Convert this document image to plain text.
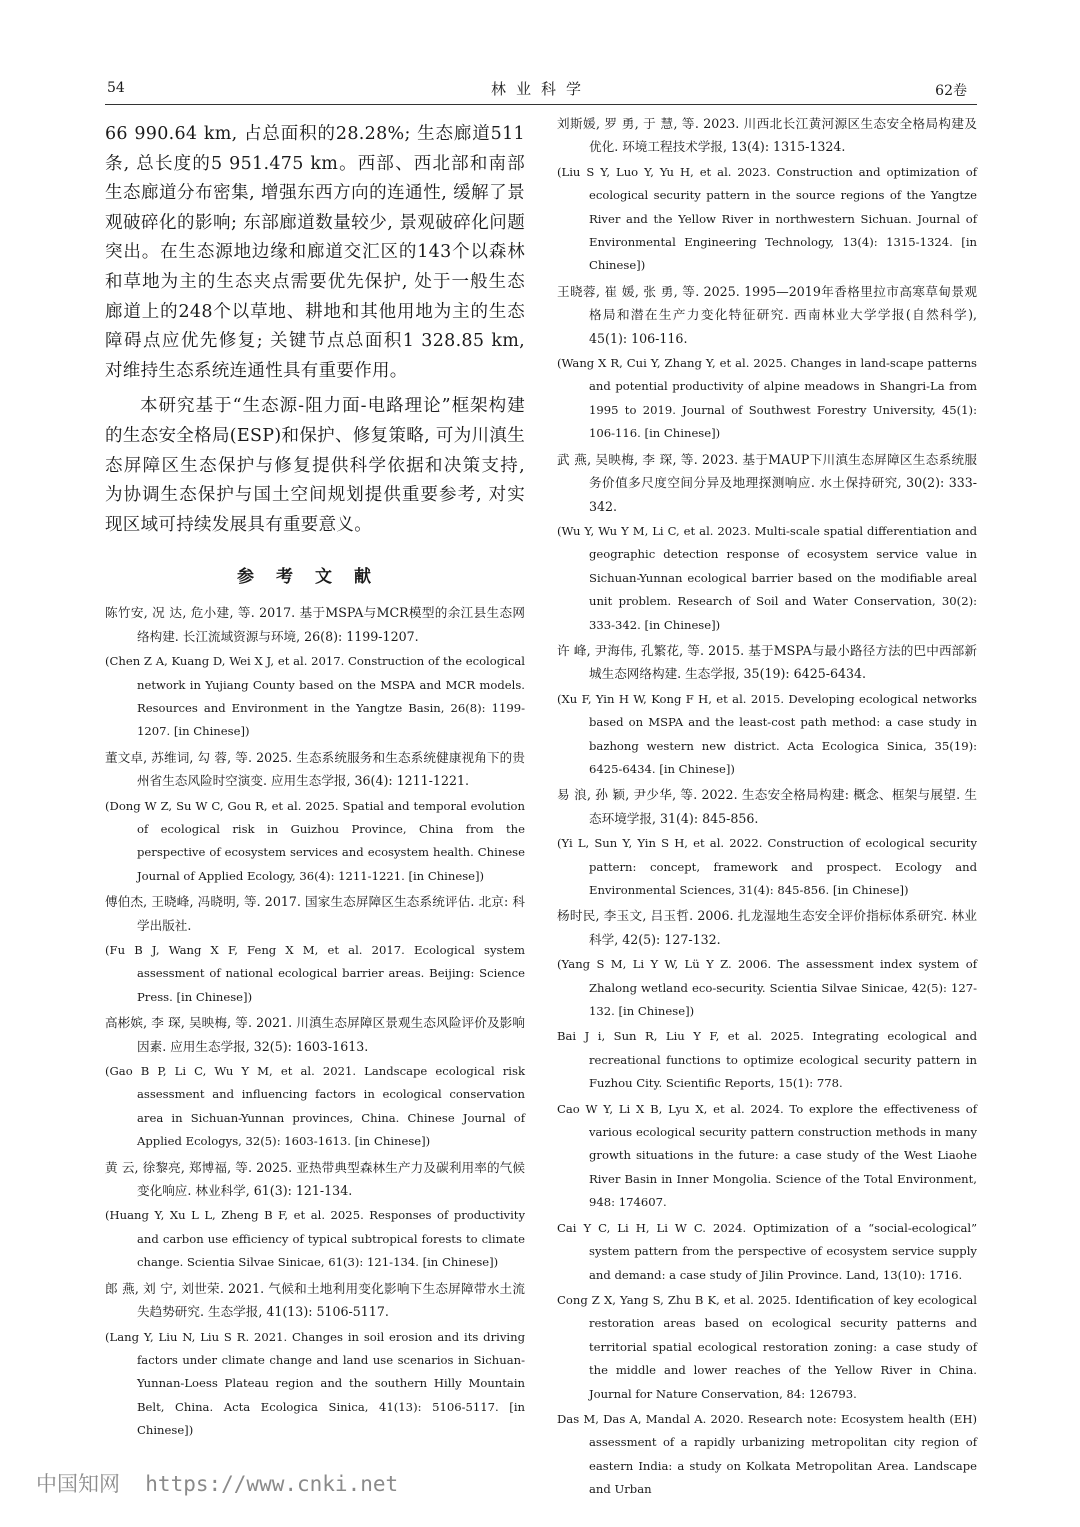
54	林业科学	62卷

66 990.64 km, 占总面积的28.28%; 生态廊道511条, 总长度的5 951.475 km。西部、西北部和南部生态廊道分布密集, 增强东西方向的连通性, 缓解了景观破碎化的影响; 东部廊道数量较少, 景观破碎化问题突出。在生态源地边缘和廊道交汇区的143个以森林和草地为主的生态夹点需要优先保护, 处于一般生态廊道上的248个以草地、耕地和其他用地为主的生态障碍点应优先修复; 关键节点总面积1 328.85 km, 对维持生态系统连通性具有重要作用。

本研究基于“生态源-阻力面-电路理论”框架构建的生态安全格局(ESP)和保护、修复策略, 可为川滇生态屏障区生态保护与修复提供科学依据和决策支持, 为协调生态保护与国土空间规划提供重要参考, 对实现区域可持续发展具有重要意义。

参考文献

陈竹安, 况 达, 危小建, 等. 2017. 基于MSPA与MCR模型的余江县生态网络构建. 长江流域资源与环境, 26(8): 1199-1207.

(Chen Z A, Kuang D, Wei X J, et al. 2017. Construction of the ecological network in Yujiang County based on the MSPA and MCR models. Resources and Environment in the Yangtze Basin, 26(8): 1199-1207. [in Chinese])

董文卓, 苏维词, 勾 蓉, 等. 2025. 生态系统服务和生态系统健康视角下的贵州省生态风险时空演变. 应用生态学报, 36(4): 1211-1221.

(Dong W Z, Su W C, Gou R, et al. 2025. Spatial and temporal evolution of ecological risk in Guizhou Province, China from the perspective of ecosystem services and ecosystem health. Chinese Journal of Applied Ecology, 36(4): 1211-1221. [in Chinese])

傅伯杰, 王晓峰, 冯晓明, 等. 2017. 国家生态屏障区生态系统评估. 北京: 科学出版社.

(Fu B J, Wang X F, Feng X M, et al. 2017. Ecological system assessment of national ecological barrier areas. Beijing: Science Press. [in Chinese])

高彬嫔, 李 琛, 吴映梅, 等. 2021. 川滇生态屏障区景观生态风险评价及影响因素. 应用生态学报, 32(5): 1603-1613.

(Gao B P, Li C, Wu Y M, et al. 2021. Landscape ecological risk assessment and influencing factors in ecological conservation area in Sichuan-Yunnan provinces, China. Chinese Journal of Applied Ecologys, 32(5): 1603-1613. [in Chinese])

黄 云, 徐黎亮, 郑博福, 等. 2025. 亚热带典型森林生产力及碳利用率的气候变化响应. 林业科学, 61(3): 121-134.

(Huang Y, Xu L L, Zheng B F, et al. 2025. Responses of productivity and carbon use efficiency of typical subtropical forests to climate change. Scientia Silvae Sinicae, 61(3): 121-134. [in Chinese])

郎 燕, 刘 宁, 刘世荣. 2021. 气候和土地利用变化影响下生态屏障带水土流失趋势研究. 生态学报, 41(13): 5106-5117.

(Lang Y, Liu N, Liu S R. 2021. Changes in soil erosion and its driving factors under climate change and land use scenarios in Sichuan-Yunnan-Loess Plateau region and the southern Hilly Mountain Belt, China. Acta Ecologica Sinica, 41(13): 5106-5117. [in Chinese])

刘斯媛, 罗 勇, 于 慧, 等. 2023. 川西北长江黄河源区生态安全格局构建及优化. 环境工程技术学报, 13(4): 1315-1324.

(Liu S Y, Luo Y, Yu H, et al. 2023. Construction and optimization of ecological security pattern in the source regions of the Yangtze River and the Yellow River in northwestern Sichuan. Journal of Environmental Engineering Technology, 13(4): 1315-1324. [in Chinese])

王晓蓉, 崔 媛, 张 勇, 等. 2025. 1995—2019年香格里拉市高寒草甸景观格局和潜在生产力变化特征研究. 西南林业大学学报(自然科学), 45(1): 106-116.

(Wang X R, Cui Y, Zhang Y, et al. 2025. Changes in land-scape patterns and potential productivity of alpine meadows in Shangri-La from 1995 to 2019. Journal of Southwest Forestry University, 45(1): 106-116. [in Chinese])

武 燕, 吴映梅, 李 琛, 等. 2023. 基于MAUP下川滇生态屏障区生态系统服务价值多尺度空间分异及地理探测响应. 水土保持研究, 30(2): 333-342.

(Wu Y, Wu Y M, Li C, et al. 2023. Multi-scale spatial differentiation and geographic detection response of ecosystem service value in Sichuan-Yunnan ecological barrier based on the modifiable areal unit problem. Research of Soil and Water Conservation, 30(2): 333-342. [in Chinese])

许 峰, 尹海伟, 孔繁花, 等. 2015. 基于MSPA与最小路径方法的巴中西部新城生态网络构建. 生态学报, 35(19): 6425-6434.

(Xu F, Yin H W, Kong F H, et al. 2015. Developing ecological networks based on MSPA and the least-cost path method: a case study in bazhong western new district. Acta Ecologica Sinica, 35(19): 6425-6434. [in Chinese])

易 浪, 孙 颖, 尹少华, 等. 2022. 生态安全格局构建: 概念、框架与展望. 生态环境学报, 31(4): 845-856.

(Yi L, Sun Y, Yin S H, et al. 2022. Construction of ecological security pattern: concept, framework and prospect. Ecology and Environmental Sciences, 31(4): 845-856. [in Chinese])

杨时民, 李玉文, 吕玉哲. 2006. 扎龙湿地生态安全评价指标体系研究. 林业科学, 42(5): 127-132.

(Yang S M, Li Y W, Lü Y Z. 2006. The assessment index system of Zhalong wetland eco-security. Scientia Silvae Sinicae, 42(5): 127-132. [in Chinese])

Bai J i, Sun R, Liu Y F, et al. 2025. Integrating ecological and recreational functions to optimize ecological security pattern in Fuzhou City. Scientific Reports, 15(1): 778.

Cao W Y, Li X B, Lyu X, et al. 2024. To explore the effectiveness of various ecological security pattern construction methods in many growth situations in the future: a case study of the West Liaohe River Basin in Inner Mongolia. Science of the Total Environment, 948: 174607.

Cai Y C, Li H, Li W C. 2024. Optimization of a “social-ecological” system pattern from the perspective of ecosystem service supply and demand: a case study of Jilin Province. Land, 13(10): 1716.

Cong Z X, Yang S, Zhu B K, et al. 2025. Identification of key ecological restoration areas based on ecological security patterns and territorial spatial ecological restoration zoning: a case study of the middle and lower reaches of the Yellow River in China. Journal for Nature Conservation, 84: 126793.

Das M, Das A, Mandal A. 2020. Research note: Ecosystem health (EH) assessment of a rapidly urbanizing metropolitan city region of eastern India: a study on Kolkata Metropolitan Area. Landscape and Urban

中国知网  https://www.cnki.net
